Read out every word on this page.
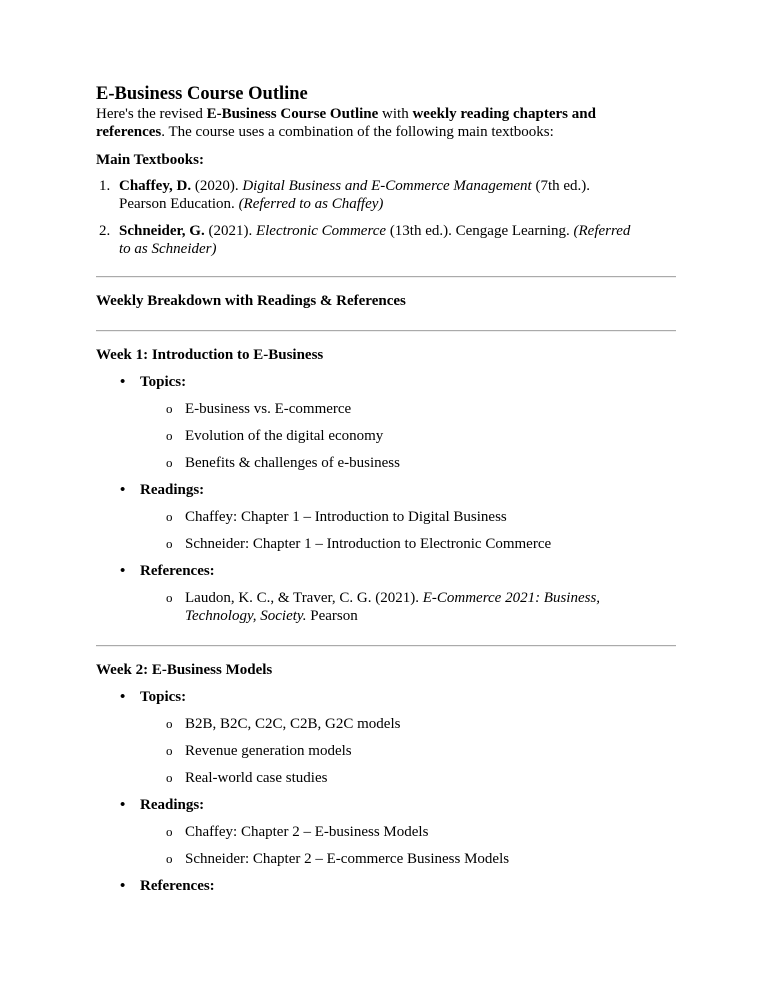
E-Business Course Outline
Here's the revised E-Business Course Outline with weekly reading chapters and
references. The course uses a combination of the following main textbooks:
Main Textbooks:
1. Chaffey, D. (2020). Digital Business and E-Commerce Management (7th ed.).
Pearson Education. (Referred to as Chaffey)
2. Schneider, G. (2021). Electronic Commerce (13th ed.). Cengage Learning. (Referred
to as Schneider)
Weekly Breakdown with Readings & References
Week 1: Introduction to E-Business
• Topics:
o E-business vs. E-commerce
o Evolution of the digital economy
o Benefits & challenges of e-business
• Readings:
o Chaffey: Chapter 1 – Introduction to Digital Business
o Schneider: Chapter 1 – Introduction to Electronic Commerce
• References:
o Laudon, K. C., & Traver, C. G. (2021). E-Commerce 2021: Business,
Technology, Society. Pearson
Week 2: E-Business Models
• Topics:
o B2B, B2C, C2C, C2B, G2C models
o Revenue generation models
o Real-world case studies
• Readings:
o Chaffey: Chapter 2 – E-business Models
o Schneider: Chapter 2 – E-commerce Business Models
• References:
